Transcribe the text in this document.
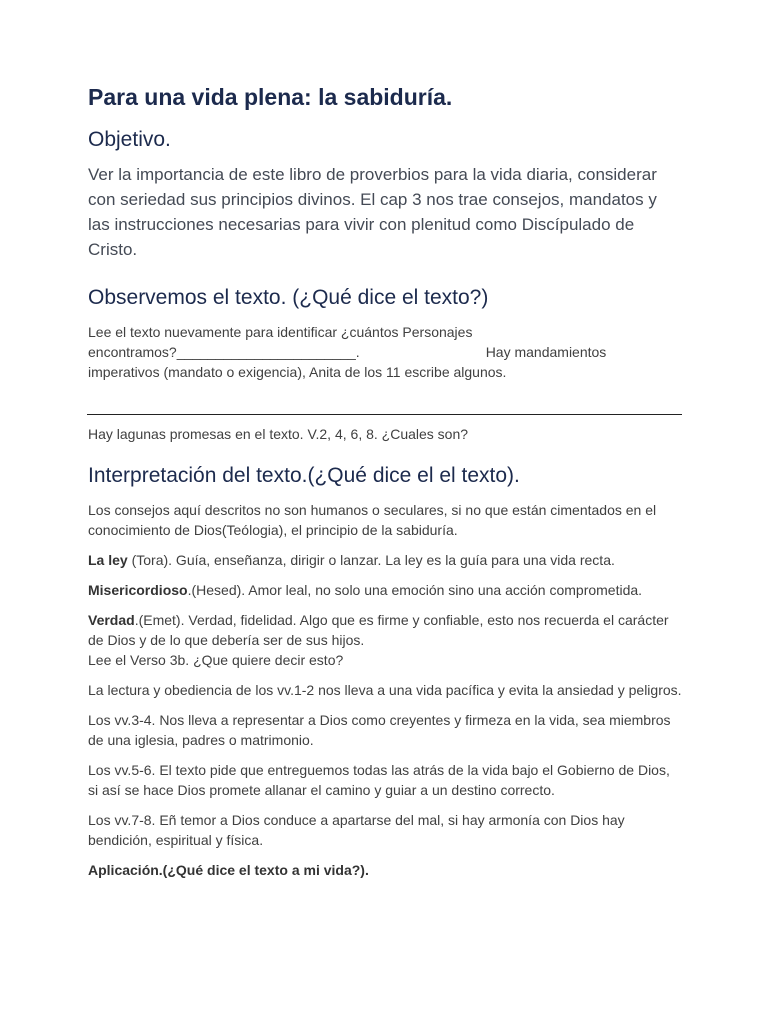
Para una vida plena: la sabiduría.
Objetivo.

Ver la importancia de este libro de proverbios para la vida diaria, considerar con seriedad sus principios divinos. El cap 3 nos trae consejos, mandatos y las instrucciones necesarias para vivir con plenitud como Discípulado de Cristo.

Observemos el texto. (¿Qué dice el texto?)
Lee el texto nuevamente para identificar ¿cuántos Personajes
encontramos?_______________________.	Hay mandamientos
imperativos (mandato o exigencia), Anita de los 11 escribe algunos.

Hay lagunas promesas en el texto. V.2, 4, 6, 8. ¿Cuales son?

Interpretación del texto.(¿Qué dice el el texto).

Los consejos aquí descritos no son humanos o seculares, si no que están cimentados en el conocimiento de Dios(Teólogia), el principio de la sabiduría.

La ley (Tora). Guía, enseñanza, dirigir o lanzar. La ley es la guía para una vida recta.

Misericordioso.(Hesed). Amor leal, no solo una emoción sino una acción comprometida.

Verdad.(Emet). Verdad, fidelidad. Algo que es firme y confiable, esto nos recuerda el carácter de Dios y de lo que debería ser de sus hijos.
Lee el Verso 3b. ¿Que quiere decir esto?

La lectura y obediencia de los vv.1-2 nos lleva a una vida pacífica y evita la ansiedad y peligros.

Los vv.3-4. Nos lleva a representar a Dios como creyentes y firmeza en la vida, sea miembros de una iglesia, padres o matrimonio.

Los vv.5-6. El texto pide que entreguemos todas las atrás de la vida bajo el Gobierno de Dios, si así se hace Dios promete allanar el camino y guiar a un destino correcto.

Los vv.7-8. Eñ temor a Dios conduce a apartarse del mal, si hay armonía con Dios hay bendición, espiritual y física.

Aplicación.(¿Qué dice el texto a mi vida?).
